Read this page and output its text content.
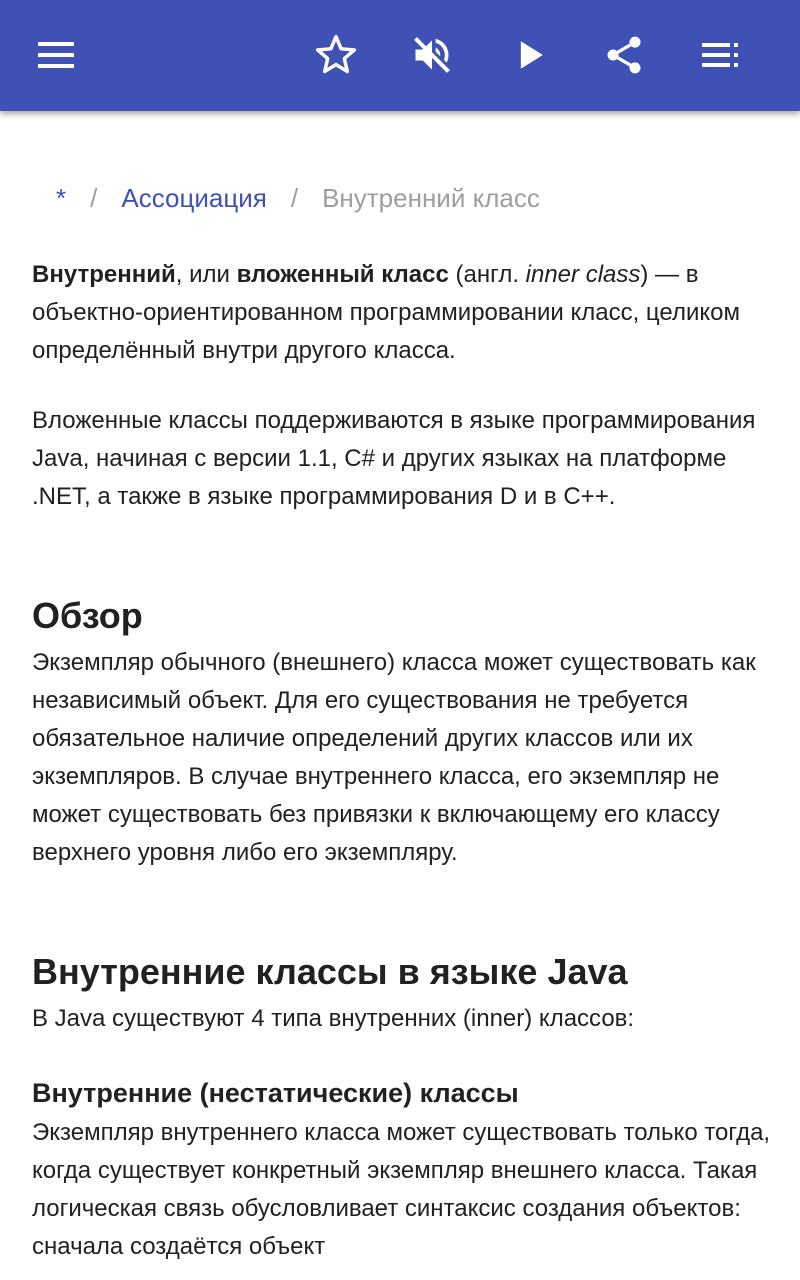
* / Ассоциация / Внутренний класс

Внутренний, или вложенный класс (англ. inner class) — в объектно-ориентированном программировании класс, целиком определённый внутри другого класса.

Вложенные классы поддерживаются в языке программирования Java, начиная с версии 1.1, C# и других языках на платформе .NET, а также в языке программирования D и в C++.

Обзор

Экземпляр обычного (внешнего) класса может существовать как независимый объект. Для его существования не требуется обязательное наличие определений других классов или их экземпляров. В случае внутреннего класса, его экземпляр не может существовать без привязки к включающему его классу верхнего уровня либо его экземпляру.

Внутренние классы в языке Java

В Java существуют 4 типа внутренних (inner) классов:

Внутренние (нестатические) классы

Экземпляр внутреннего класса может существовать только тогда, когда существует конкретный экземпляр внешнего класса. Такая логическая связь обусловливает синтаксис создания объектов: сначала создаётся объект
